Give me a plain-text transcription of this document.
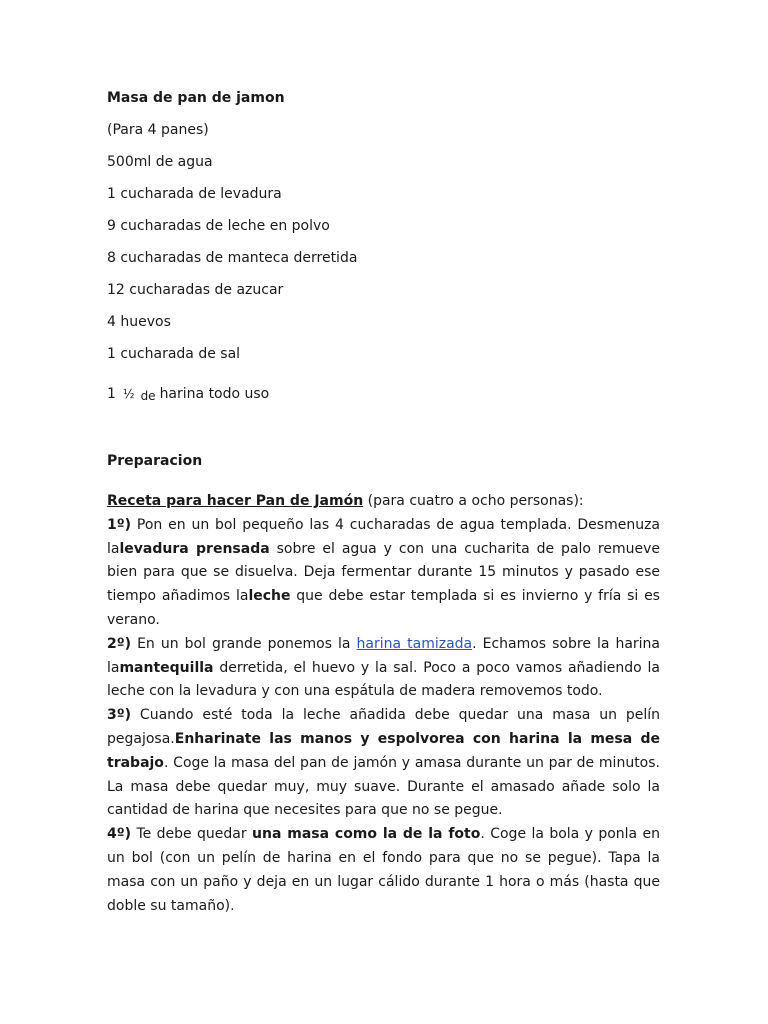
Masa de pan de jamon

(Para 4 panes)

500ml de agua

1 cucharada de levadura

9 cucharadas de leche en polvo

8 cucharadas de manteca derretida

12 cucharadas de azucar

4 huevos

1 cucharada de sal

1 ½ de harina todo uso

Preparacion

Receta para hacer Pan de Jamón (para cuatro a ocho personas):

1º) Pon en un bol pequeño las 4 cucharadas de agua templada. Desmenuza lalevadura prensada sobre el agua y con una cucharita de palo remueve bien para que se disuelva. Deja fermentar durante 15 minutos y pasado ese tiempo añadimos laleche que debe estar templada si es invierno y fría si es verano.

2º) En un bol grande ponemos la harina tamizada. Echamos sobre la harina lamantequilla derretida, el huevo y la sal. Poco a poco vamos añadiendo la leche con la levadura y con una espátula de madera removemos todo.

3º) Cuando esté toda la leche añadida debe quedar una masa un pelín pegajosa.Enharinate las manos y espolvorea con harina la mesa de trabajo. Coge la masa del pan de jamón y amasa durante un par de minutos. La masa debe quedar muy, muy suave. Durante el amasado añade solo la cantidad de harina que necesites para que no se pegue.

4º) Te debe quedar una masa como la de la foto. Coge la bola y ponla en un bol (con un pelín de harina en el fondo para que no se pegue). Tapa la masa con un paño y deja en un lugar cálido durante 1 hora o más (hasta que doble su tamaño).
